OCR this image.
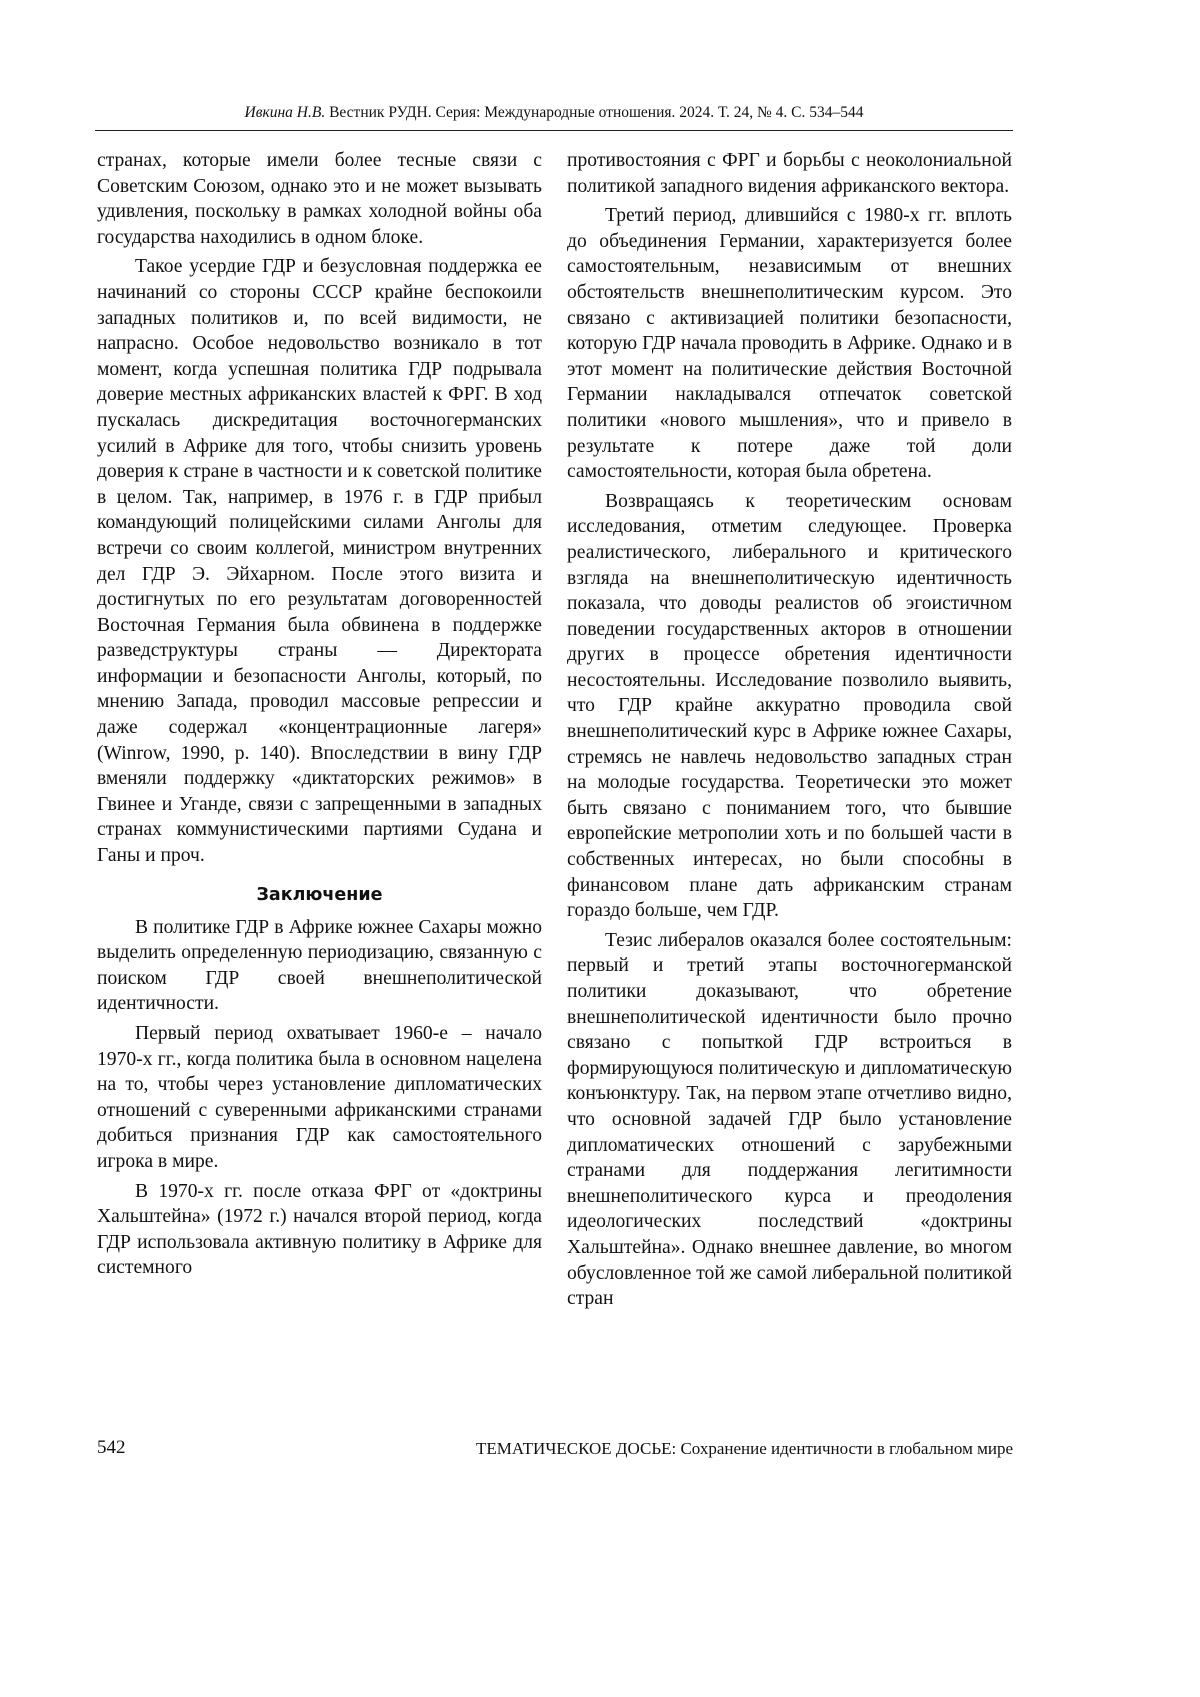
Ивкина Н.В. Вестник РУДН. Серия: Международные отношения. 2024. Т. 24, № 4. С. 534–544

странах, которые имели более тесные связи с Советским Союзом, однако это и не может вызывать удивления, поскольку в рамках холодной войны оба государства находились в одном блоке.

Такое усердие ГДР и безусловная поддержка ее начинаний со стороны СССР крайне беспокоили западных политиков и, по всей видимости, не напрасно. Особое недовольство возникало в тот момент, когда успешная политика ГДР подрывала доверие местных африканских властей к ФРГ. В ход пускалась дискредитация восточногерманских усилий в Африке для того, чтобы снизить уровень доверия к стране в частности и к советской политике в целом. Так, например, в 1976 г. в ГДР прибыл командующий полицейскими силами Анголы для встречи со своим коллегой, министром внутренних дел ГДР Э. Эйхарном. После этого визита и достигнутых по его результатам договоренностей Восточная Германия была обвинена в поддержке разведструктуры страны — Директората информации и безопасности Анголы, который, по мнению Запада, проводил массовые репрессии и даже содержал «концентрационные лагеря» (Winrow, 1990, p. 140). Впоследствии в вину ГДР вменяли поддержку «диктаторских режимов» в Гвинее и Уганде, связи с запрещенными в западных странах коммунистическими партиями Судана и Ганы и проч.

Заключение

В политике ГДР в Африке южнее Сахары можно выделить определенную периодизацию, связанную с поиском ГДР своей внешнеполитической идентичности.

Первый период охватывает 1960-е – начало 1970-х гг., когда политика была в основном нацелена на то, чтобы через установление дипломатических отношений с суверенными африканскими странами добиться признания ГДР как самостоятельного игрока в мире.

В 1970-х гг. после отказа ФРГ от «доктрины Хальштейна» (1972 г.) начался второй период, когда ГДР использовала активную политику в Африке для системного

противостояния с ФРГ и борьбы с неоколониальной политикой западного видения африканского вектора.

Третий период, длившийся с 1980-х гг. вплоть до объединения Германии, характеризуется более самостоятельным, независимым от внешних обстоятельств внешнеполитическим курсом. Это связано с активизацией политики безопасности, которую ГДР начала проводить в Африке. Однако и в этот момент на политические действия Восточной Германии накладывался отпечаток советской политики «нового мышления», что и привело в результате к потере даже той доли самостоятельности, которая была обретена.

Возвращаясь к теоретическим основам исследования, отметим следующее. Проверка реалистического, либерального и критического взгляда на внешнеполитическую идентичность показала, что доводы реалистов об эгоистичном поведении государственных акторов в отношении других в процессе обретения идентичности несостоятельны. Исследование позволило выявить, что ГДР крайне аккуратно проводила свой внешнеполитический курс в Африке южнее Сахары, стремясь не навлечь недовольство западных стран на молодые государства. Теоретически это может быть связано с пониманием того, что бывшие европейские метрополии хоть и по большей части в собственных интересах, но были способны в финансовом плане дать африканским странам гораздо больше, чем ГДР.

Тезис либералов оказался более состоятельным: первый и третий этапы восточногерманской политики доказывают, что обретение внешнеполитической идентичности было прочно связано с попыткой ГДР встроиться в формирующуюся политическую и дипломатическую конъюнктуру. Так, на первом этапе отчетливо видно, что основной задачей ГДР было установление дипломатических отношений с зарубежными странами для поддержания легитимности внешнеполитического курса и преодоления идеологических последствий «доктрины Хальштейна». Однако внешнее давление, во многом обусловленное той же самой либеральной политикой стран

542	ТЕМАТИЧЕСКОЕ ДОСЬЕ: Сохранение идентичности в глобальном мире
